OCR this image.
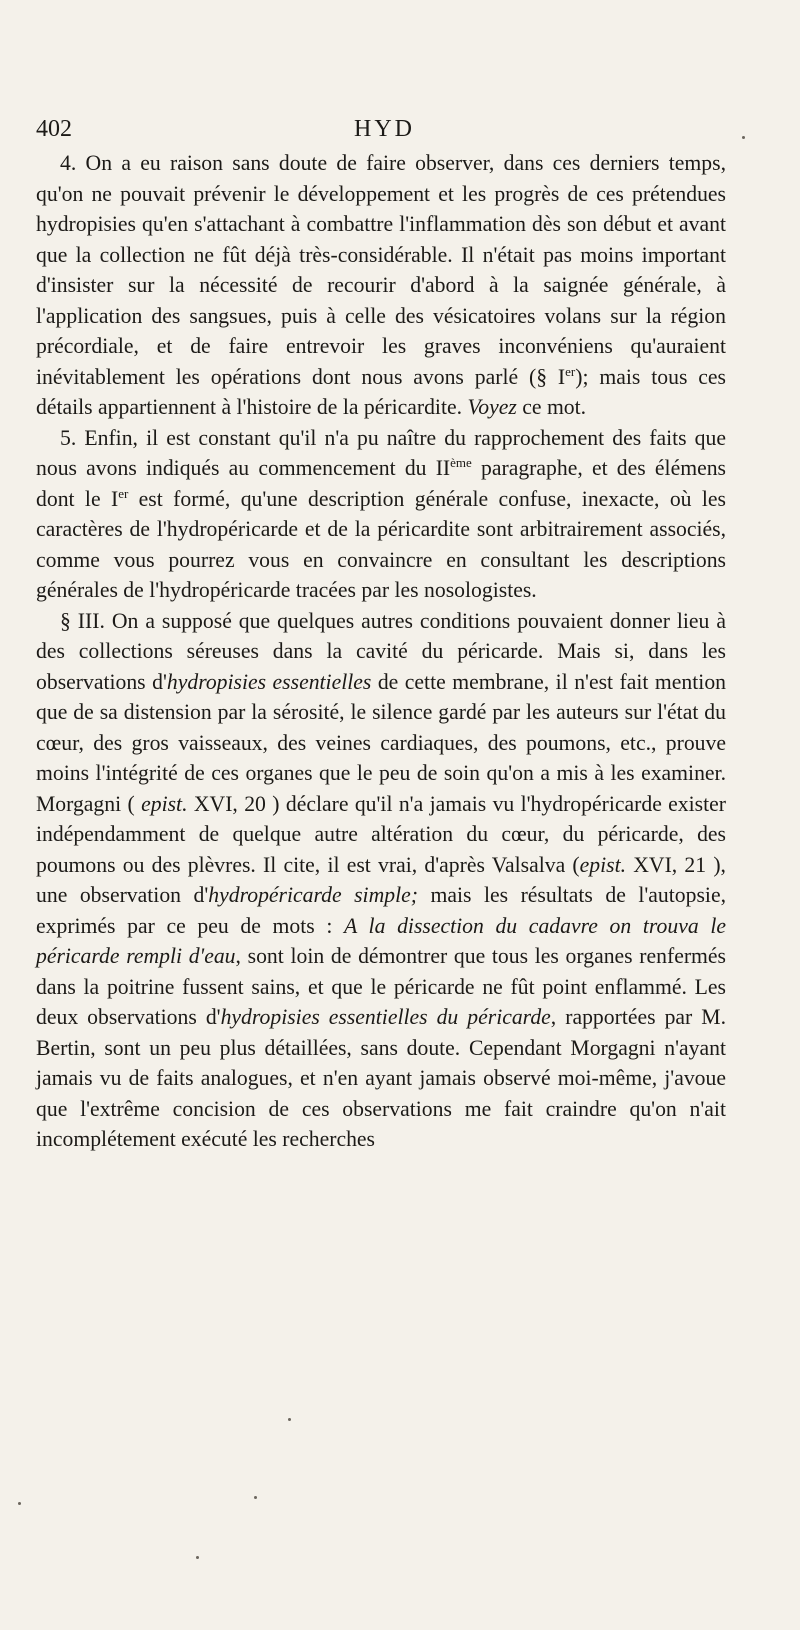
402	HYD

4. On a eu raison sans doute de faire observer, dans ces derniers temps, qu'on ne pouvait prévenir le développement et les progrès de ces prétendues hydropisies qu'en s'attachant à combattre l'inflammation dès son début et avant que la collection ne fût déjà très-considérable. Il n'était pas moins important d'insister sur la nécessité de recourir d'abord à la saignée générale, à l'application des sangsues, puis à celle des vésicatoires volans sur la région précordiale, et de faire entrevoir les graves inconvéniens qu'auraient inévitablement les opérations dont nous avons parlé (§ Ier); mais tous ces détails appartiennent à l'histoire de la péricardite. Voyez ce mot.

5. Enfin, il est constant qu'il n'a pu naître du rapprochement des faits que nous avons indiqués au commencement du IIème paragraphe, et des élémens dont le Ier est formé, qu'une description générale confuse, inexacte, où les caractères de l'hydropéricarde et de la péricardite sont arbitrairement associés, comme vous pourrez vous en convaincre en consultant les descriptions générales de l'hydropéricarde tracées par les nosologistes.

§ III. On a supposé que quelques autres conditions pouvaient donner lieu à des collections séreuses dans la cavité du péricarde. Mais si, dans les observations d'hydropisies essentielles de cette membrane, il n'est fait mention que de sa distension par la sérosité, le silence gardé par les auteurs sur l'état du cœur, des gros vaisseaux, des veines cardiaques, des poumons, etc., prouve moins l'intégrité de ces organes que le peu de soin qu'on a mis à les examiner. Morgagni ( epist. XVI, 20 ) déclare qu'il n'a jamais vu l'hydropéricarde exister indépendamment de quelque autre altération du cœur, du péricarde, des poumons ou des plèvres. Il cite, il est vrai, d'après Valsalva (epist. XVI, 21 ), une observation d'hydropéricarde simple; mais les résultats de l'autopsie, exprimés par ce peu de mots : A la dissection du cadavre on trouva le péricarde rempli d'eau, sont loin de démontrer que tous les organes renfermés dans la poitrine fussent sains, et que le péricarde ne fût point enflammé. Les deux observations d'hydropisies essentielles du péricarde, rapportées par M. Bertin, sont un peu plus détaillées, sans doute. Cependant Morgagni n'ayant jamais vu de faits analogues, et n'en ayant jamais observé moi-même, j'avoue que l'extrême concision de ces observations me fait craindre qu'on n'ait incomplétement exécuté les recherches
